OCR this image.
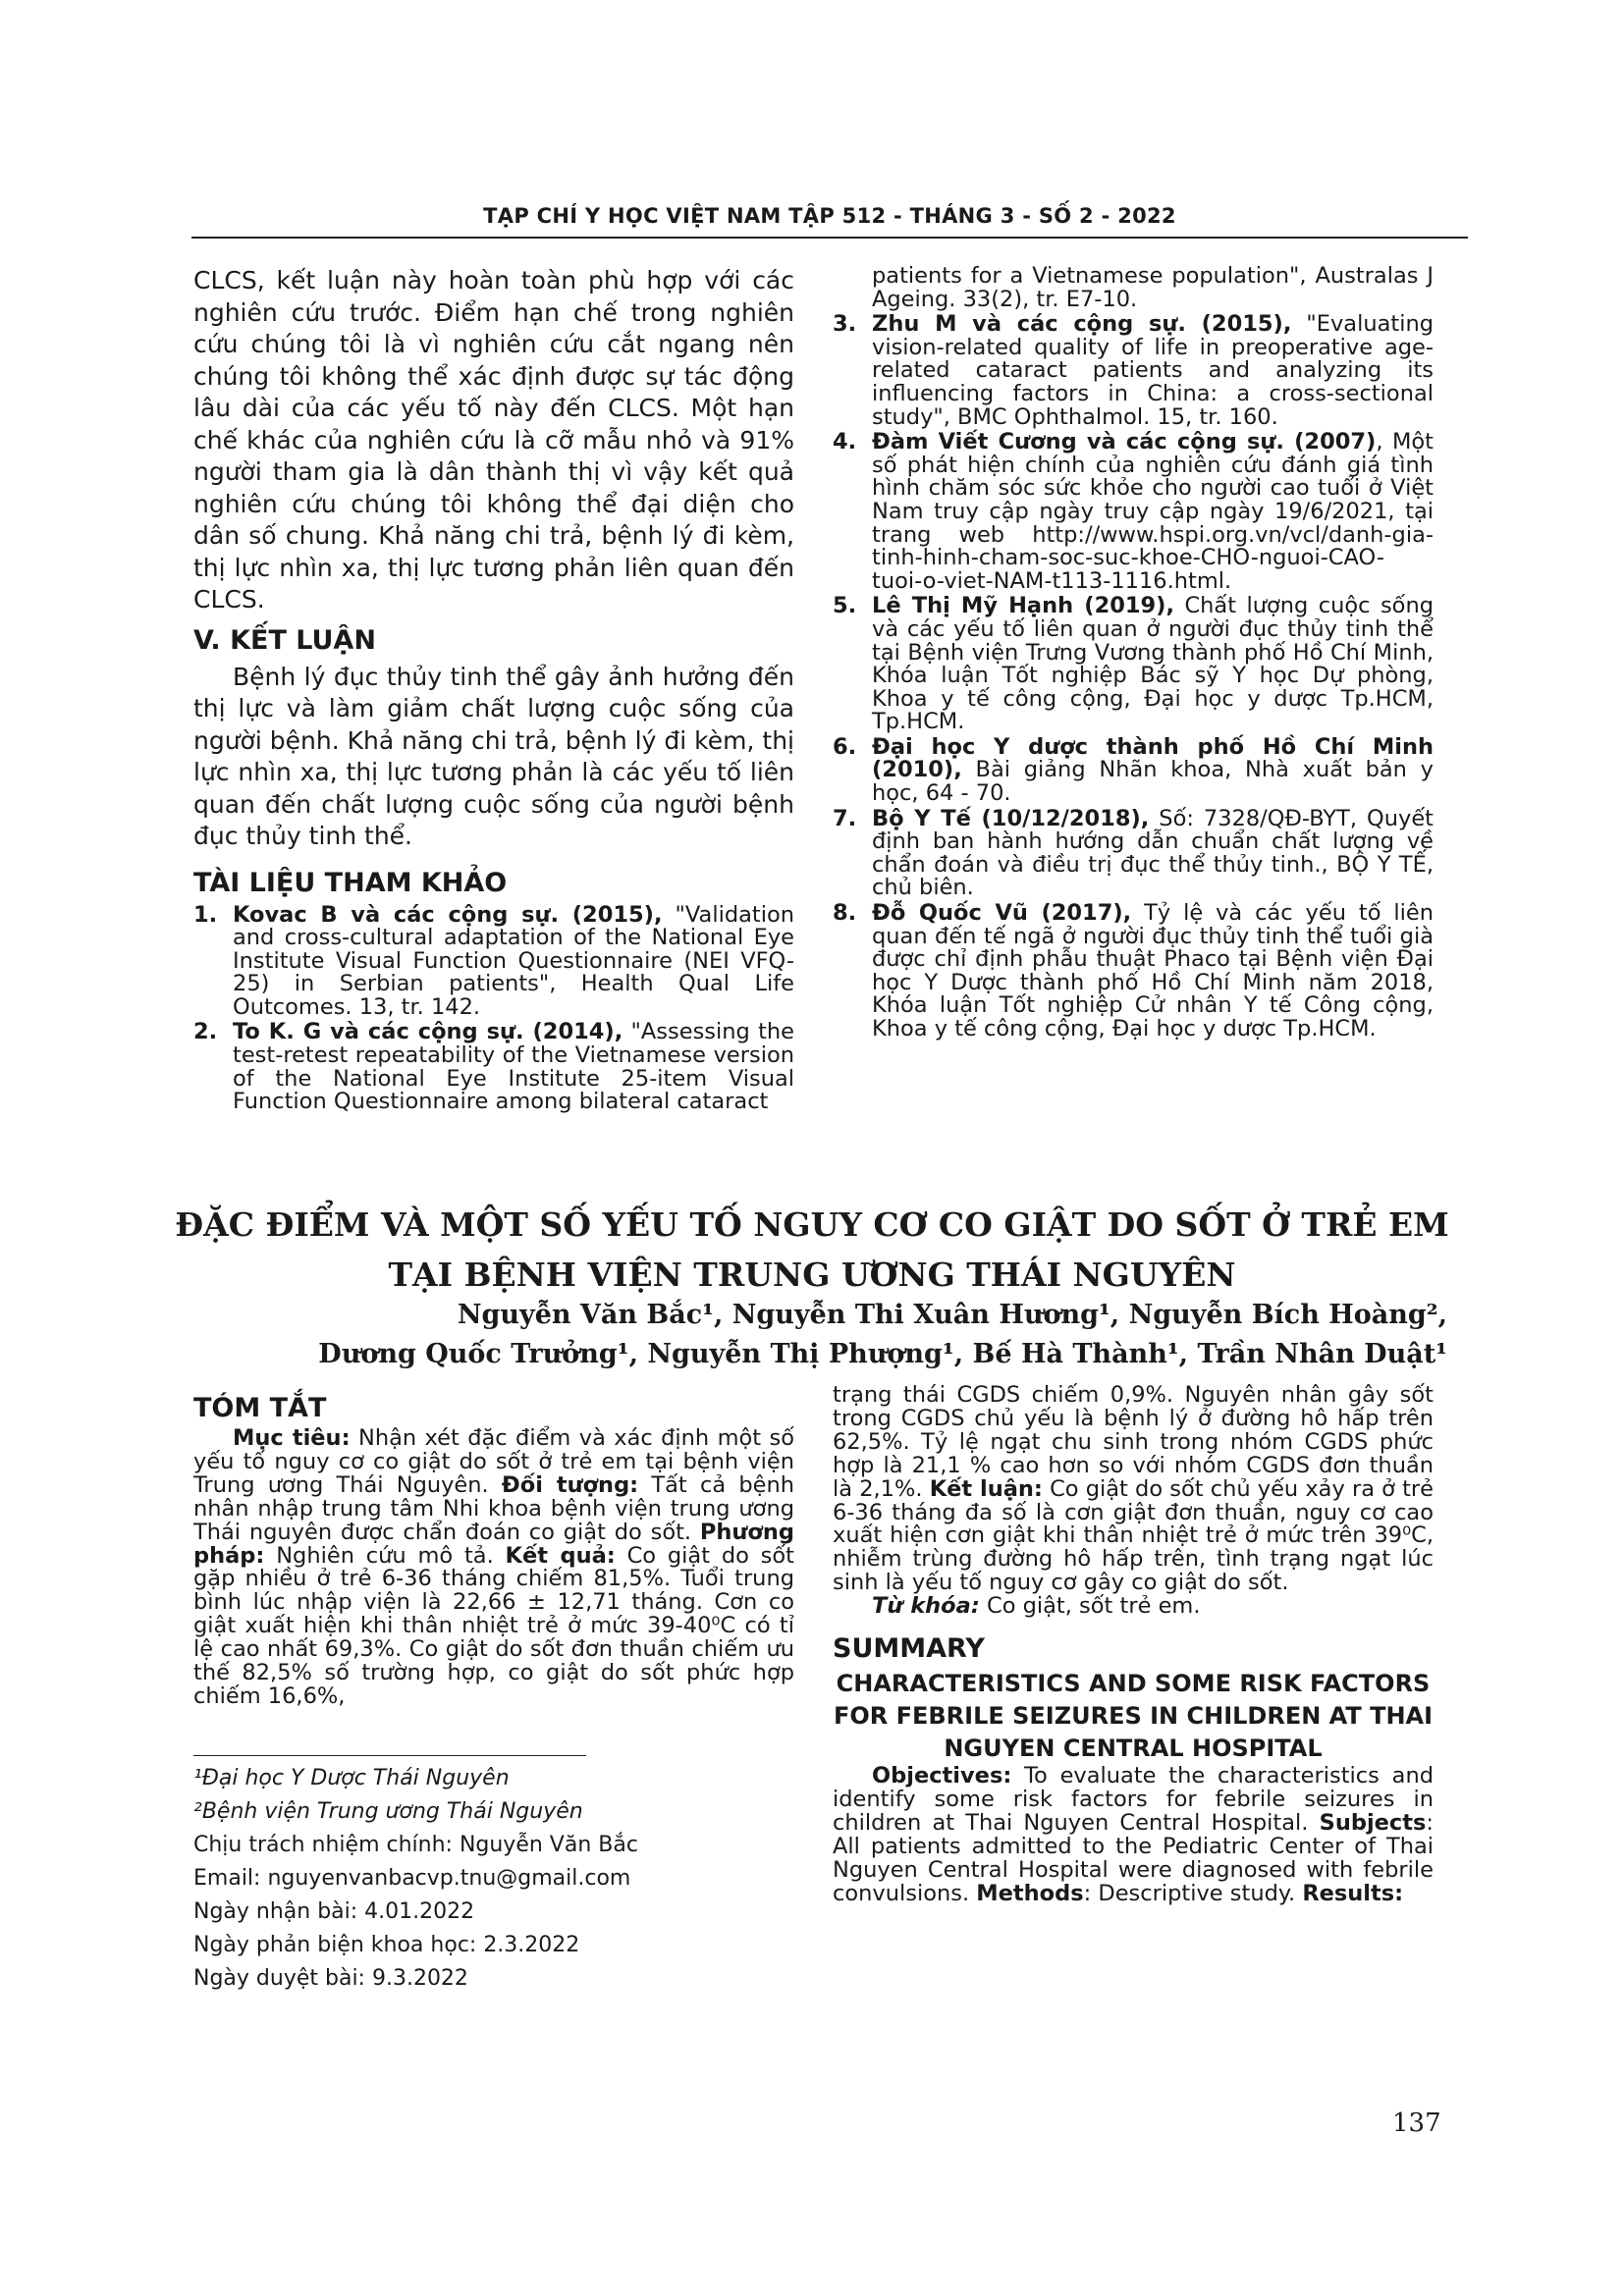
TẠP CHÍ Y HỌC VIỆT NAM TẬP 512 - THÁNG 3 - SỐ 2 - 2022

CLCS, kết luận này hoàn toàn phù hợp với các nghiên cứu trước. Điểm hạn chế trong nghiên cứu chúng tôi là vì nghiên cứu cắt ngang nên chúng tôi không thể xác định được sự tác động lâu dài của các yếu tố này đến CLCS. Một hạn chế khác của nghiên cứu là cỡ mẫu nhỏ và 91% người tham gia là dân thành thị vì vậy kết quả nghiên cứu chúng tôi không thể đại diện cho dân số chung. Khả năng chi trả, bệnh lý đi kèm, thị lực nhìn xa, thị lực tương phản liên quan đến CLCS.

V. KẾT LUẬN

Bệnh lý đục thủy tinh thể gây ảnh hưởng đến thị lực và làm giảm chất lượng cuộc sống của người bệnh. Khả năng chi trả, bệnh lý đi kèm, thị lực nhìn xa, thị lực tương phản là các yếu tố liên quan đến chất lượng cuộc sống của người bệnh đục thủy tinh thể.

TÀI LIỆU THAM KHẢO
1. Kovac B và các cộng sự. (2015), "Validation and cross-cultural adaptation of the National Eye Institute Visual Function Questionnaire (NEI VFQ-25) in Serbian patients", Health Qual Life Outcomes. 13, tr. 142.
2. To K. G và các cộng sự. (2014), "Assessing the test-retest repeatability of the Vietnamese version of the National Eye Institute 25-item Visual Function Questionnaire among bilateral cataract
patients for a Vietnamese population", Australas J Ageing. 33(2), tr. E7-10.
3. Zhu M và các cộng sự. (2015), "Evaluating vision-related quality of life in preoperative age-related cataract patients and analyzing its influencing factors in China: a cross-sectional study", BMC Ophthalmol. 15, tr. 160.
4. Đàm Viết Cương và các cộng sự. (2007), Một số phát hiện chính của nghiên cứu đánh giá tình hình chăm sóc sức khỏe cho người cao tuổi ở Việt Nam truy cập ngày truy cập ngày 19/6/2021, tại trang web http://www.hspi.org.vn/vcl/danh-gia-tinh-hinh-cham-soc-suc-khoe-CHO-nguoi-CAO-tuoi-o-viet-NAM-t113-1116.html.
5. Lê Thị Mỹ Hạnh (2019), Chất lượng cuộc sống và các yếu tố liên quan ở người đục thủy tinh thể tại Bệnh viện Trưng Vương thành phố Hồ Chí Minh, Khóa luận Tốt nghiệp Bác sỹ Y học Dự phòng, Khoa y tế công cộng, Đại học y dược Tp.HCM, Tp.HCM.
6. Đại học Y dược thành phố Hồ Chí Minh (2010), Bài giảng Nhãn khoa, Nhà xuất bản y học, 64 - 70.
7. Bộ Y Tế (10/12/2018), Số: 7328/QĐ-BYT, Quyết định ban hành hướng dẫn chuẩn chất lượng về chẩn đoán và điều trị đục thể thủy tinh., BỘ Y TẾ, chủ biên.
8. Đỗ Quốc Vũ (2017), Tỷ lệ và các yếu tố liên quan đến tế ngã ở người đục thủy tinh thể tuổi già được chỉ định phẫu thuật Phaco tại Bệnh viện Đại học Y Dược thành phố Hồ Chí Minh năm 2018, Khóa luận Tốt nghiệp Cử nhân Y tế Công cộng, Khoa y tế công cộng, Đại học y dược Tp.HCM.
ĐẶC ĐIỂM VÀ MỘT SỐ YẾU TỐ NGUY CƠ CO GIẬT DO SỐT Ở TRẺ EM
TẠI BỆNH VIỆN TRUNG ƯƠNG THÁI NGUYÊN
Nguyễn Văn Bắc¹, Nguyễn Thi Xuân Hương¹, Nguyễn Bích Hoàng²,
Dương Quốc Trưởng¹, Nguyễn Thị Phượng¹, Bế Hà Thành¹, Trần Nhân Duật¹
TÓM TẮT

Mục tiêu: Nhận xét đặc điểm và xác định một số yếu tố nguy cơ co giật do sốt ở trẻ em tại bệnh viện Trung ương Thái Nguyên. Đối tượng: Tất cả bệnh nhân nhập trung tâm Nhi khoa bệnh viện trung ương Thái nguyên được chẩn đoán co giật do sốt. Phương pháp: Nghiên cứu mô tả. Kết quả: Co giật do sốt gặp nhiều ở trẻ 6-36 tháng chiếm 81,5%. Tuổi trung bình lúc nhập viện là 22,66 ± 12,71 tháng. Cơn co giật xuất hiện khi thân nhiệt trẻ ở mức 39-40⁰C có tỉ lệ cao nhất 69,3%. Co giật do sốt đơn thuần chiếm ưu thế 82,5% số trường hợp, co giật do sốt phức hợp chiếm 16,6%,

¹Đại học Y Dược Thái Nguyên
²Bệnh viện Trung ương Thái Nguyên
Chịu trách nhiệm chính: Nguyễn Văn Bắc
Email: nguyenvanbacvp.tnu@gmail.com
Ngày nhận bài: 4.01.2022
Ngày phản biện khoa học: 2.3.2022
Ngày duyệt bài: 9.3.2022

trạng thái CGDS chiếm 0,9%. Nguyên nhân gây sốt trong CGDS chủ yếu là bệnh lý ở đường hô hấp trên 62,5%. Tỷ lệ ngạt chu sinh trong nhóm CGDS phức hợp là 21,1 % cao hơn so với nhóm CGDS đơn thuần là 2,1%. Kết luận: Co giật do sốt chủ yếu xảy ra ở trẻ 6-36 tháng đa số là cơn giật đơn thuần, nguy cơ cao xuất hiện cơn giật khi thân nhiệt trẻ ở mức trên 39⁰C, nhiễm trùng đường hô hấp trên, tình trạng ngạt lúc sinh là yếu tố nguy cơ gây co giật do sốt.

Từ khóa: Co giật, sốt trẻ em.

SUMMARY
CHARACTERISTICS AND SOME RISK FACTORS FOR FEBRILE SEIZURES IN CHILDREN AT THAI NGUYEN CENTRAL HOSPITAL

Objectives: To evaluate the characteristics and identify some risk factors for febrile seizures in children at Thai Nguyen Central Hospital. Subjects: All patients admitted to the Pediatric Center of Thai Nguyen Central Hospital were diagnosed with febrile convulsions. Methods: Descriptive study. Results:

137
